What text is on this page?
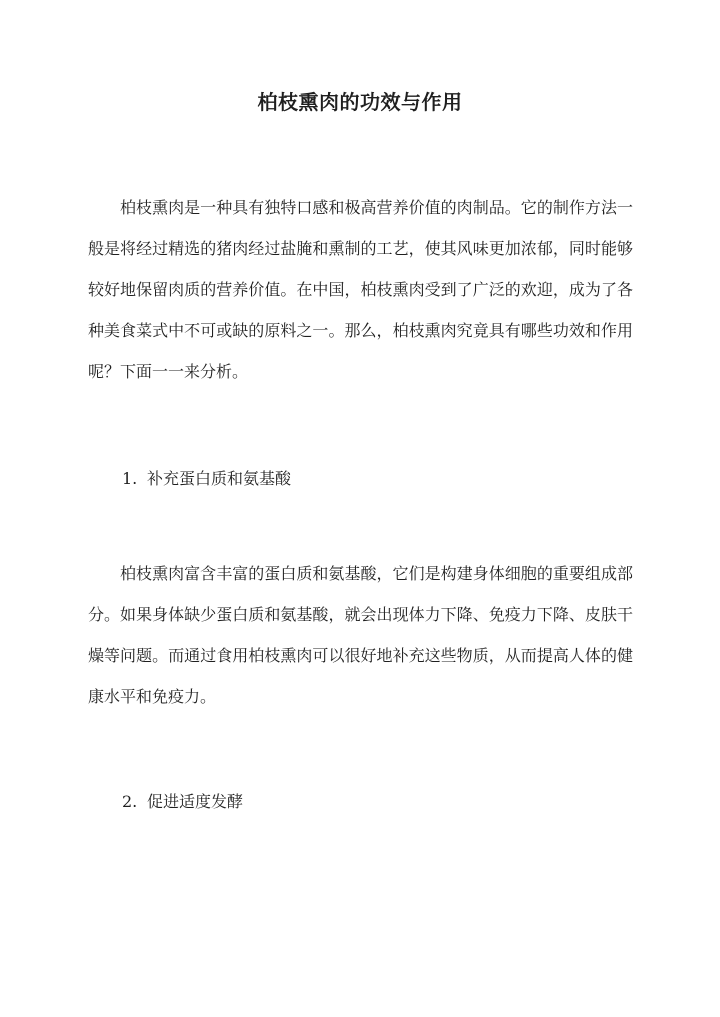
柏枝熏肉的功效与作用

柏枝熏肉是一种具有独特口感和极高营养价值的肉制品。它的制作方法一般是将经过精选的猪肉经过盐腌和熏制的工艺，使其风味更加浓郁，同时能够较好地保留肉质的营养价值。在中国，柏枝熏肉受到了广泛的欢迎，成为了各种美食菜式中不可或缺的原料之一。那么，柏枝熏肉究竟具有哪些功效和作用呢？下面一一来分析。

1. 补充蛋白质和氨基酸

柏枝熏肉富含丰富的蛋白质和氨基酸，它们是构建身体细胞的重要组成部分。如果身体缺少蛋白质和氨基酸，就会出现体力下降、免疫力下降、皮肤干燥等问题。而通过食用柏枝熏肉可以很好地补充这些物质，从而提高人体的健康水平和免疫力。

2. 促进适度发酵
